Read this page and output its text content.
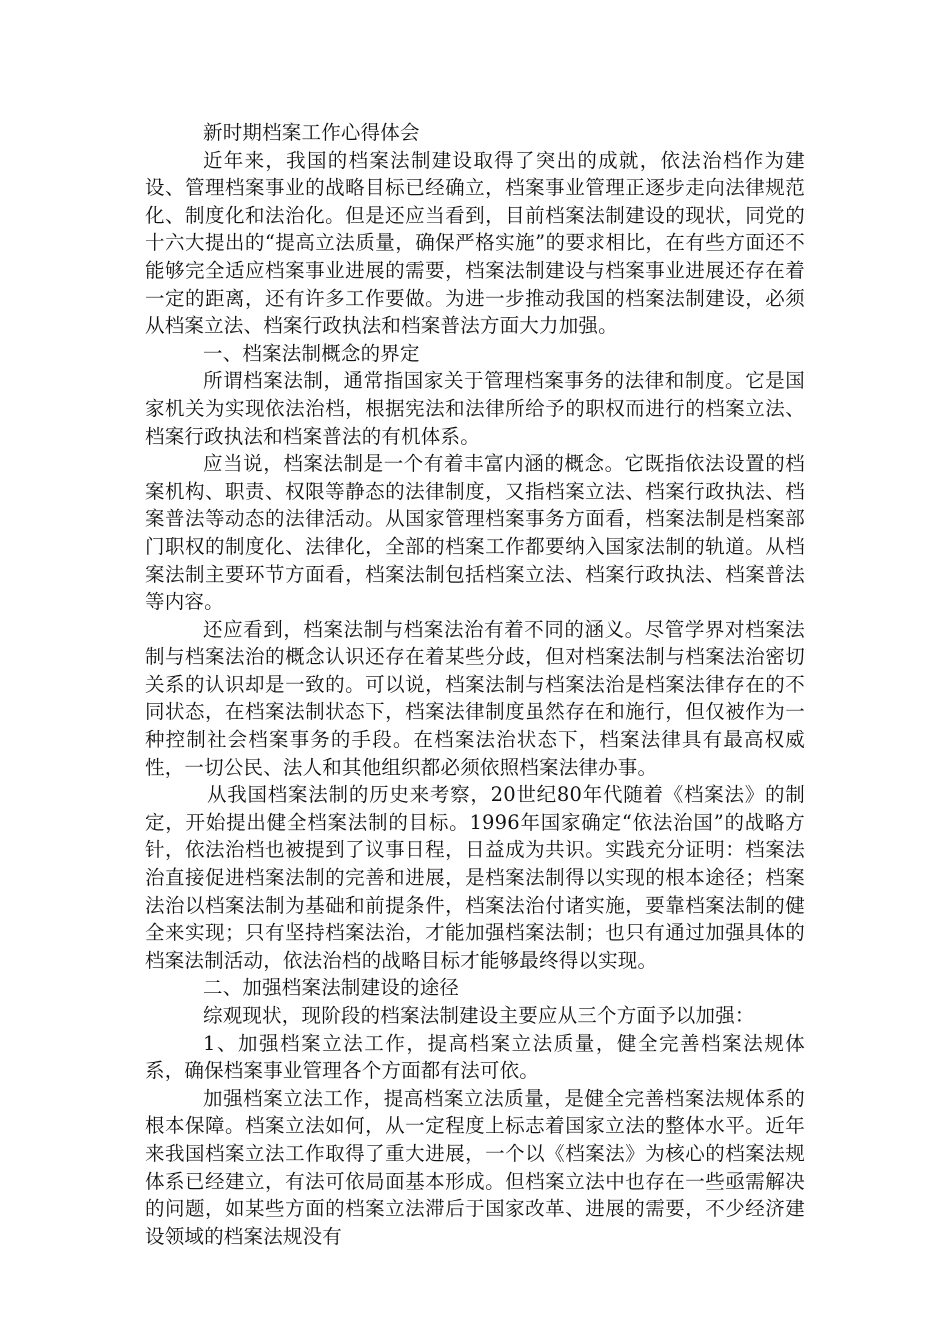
新时期档案工作心得体会

近年来，我国的档案法制建设取得了突出的成就，依法治档作为建设、管理档案事业的战略目标已经确立，档案事业管理正逐步走向法律规范化、制度化和法治化。但是还应当看到，目前档案法制建设的现状，同党的十六大提出的“提高立法质量，确保严格实施”的要求相比，在有些方面还不能够完全适应档案事业进展的需要，档案法制建设与档案事业进展还存在着一定的距离，还有许多工作要做。为进一步推动我国的档案法制建设，必须从档案立法、档案行政执法和档案普法方面大力加强。

一、档案法制概念的界定

所谓档案法制，通常指国家关于管理档案事务的法律和制度。它是国家机关为实现依法治档，根据宪法和法律所给予的职权而进行的档案立法、档案行政执法和档案普法的有机体系。

应当说，档案法制是一个有着丰富内涵的概念。它既指依法设置的档案机构、职责、权限等静态的法律制度，又指档案立法、档案行政执法、档案普法等动态的法律活动。从国家管理档案事务方面看，档案法制是档案部门职权的制度化、法律化，全部的档案工作都要纳入国家法制的轨道。从档案法制主要环节方面看，档案法制包括档案立法、档案行政执法、档案普法等内容。

还应看到，档案法制与档案法治有着不同的涵义。尽管学界对档案法制与档案法治的概念认识还存在着某些分歧，但对档案法制与档案法治密切关系的认识却是一致的。可以说，档案法制与档案法治是档案法律存在的不同状态，在档案法制状态下，档案法律制度虽然存在和施行，但仅被作为一种控制社会档案事务的手段。在档案法治状态下，档案法律具有最高权威性，一切公民、法人和其他组织都必须依照档案法律办事。

从我国档案法制的历史来考察，20世纪80年代随着《档案法》的制定，开始提出健全档案法制的目标。1996年国家确定“依法治国”的战略方针，依法治档也被提到了议事日程，日益成为共识。实践充分证明：档案法治直接促进档案法制的完善和进展，是档案法制得以实现的根本途径；档案法治以档案法制为基础和前提条件，档案法治付诸实施，要靠档案法制的健全来实现；只有坚持档案法治，才能加强档案法制；也只有通过加强具体的档案法制活动，依法治档的战略目标才能够最终得以实现。

二、加强档案法制建设的途径

综观现状，现阶段的档案法制建设主要应从三个方面予以加强：

1、加强档案立法工作，提高档案立法质量，健全完善档案法规体系，确保档案事业管理各个方面都有法可依。

加强档案立法工作，提高档案立法质量，是健全完善档案法规体系的根本保障。档案立法如何，从一定程度上标志着国家立法的整体水平。近年来我国档案立法工作取得了重大进展，一个以《档案法》为核心的档案法规体系已经建立，有法可依局面基本形成。但档案立法中也存在一些亟需解决的问题，如某些方面的档案立法滞后于国家改革、进展的需要，不少经济建设领域的档案法规没有
